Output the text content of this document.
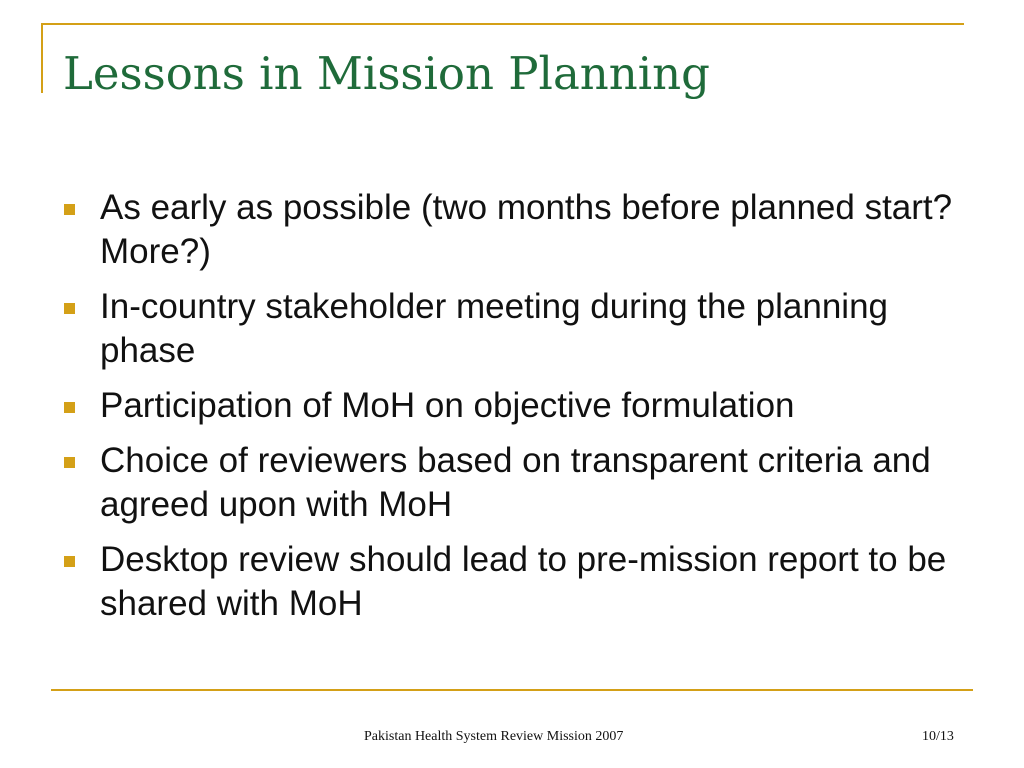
Lessons in Mission Planning
As early as possible (two months before planned start? More?)
In-country stakeholder meeting during the planning phase
Participation of MoH on objective formulation
Choice of reviewers based on transparent criteria and agreed upon with MoH
Desktop review should lead to pre-mission report to be shared with MoH
Pakistan Health System Review Mission 2007	10/13
